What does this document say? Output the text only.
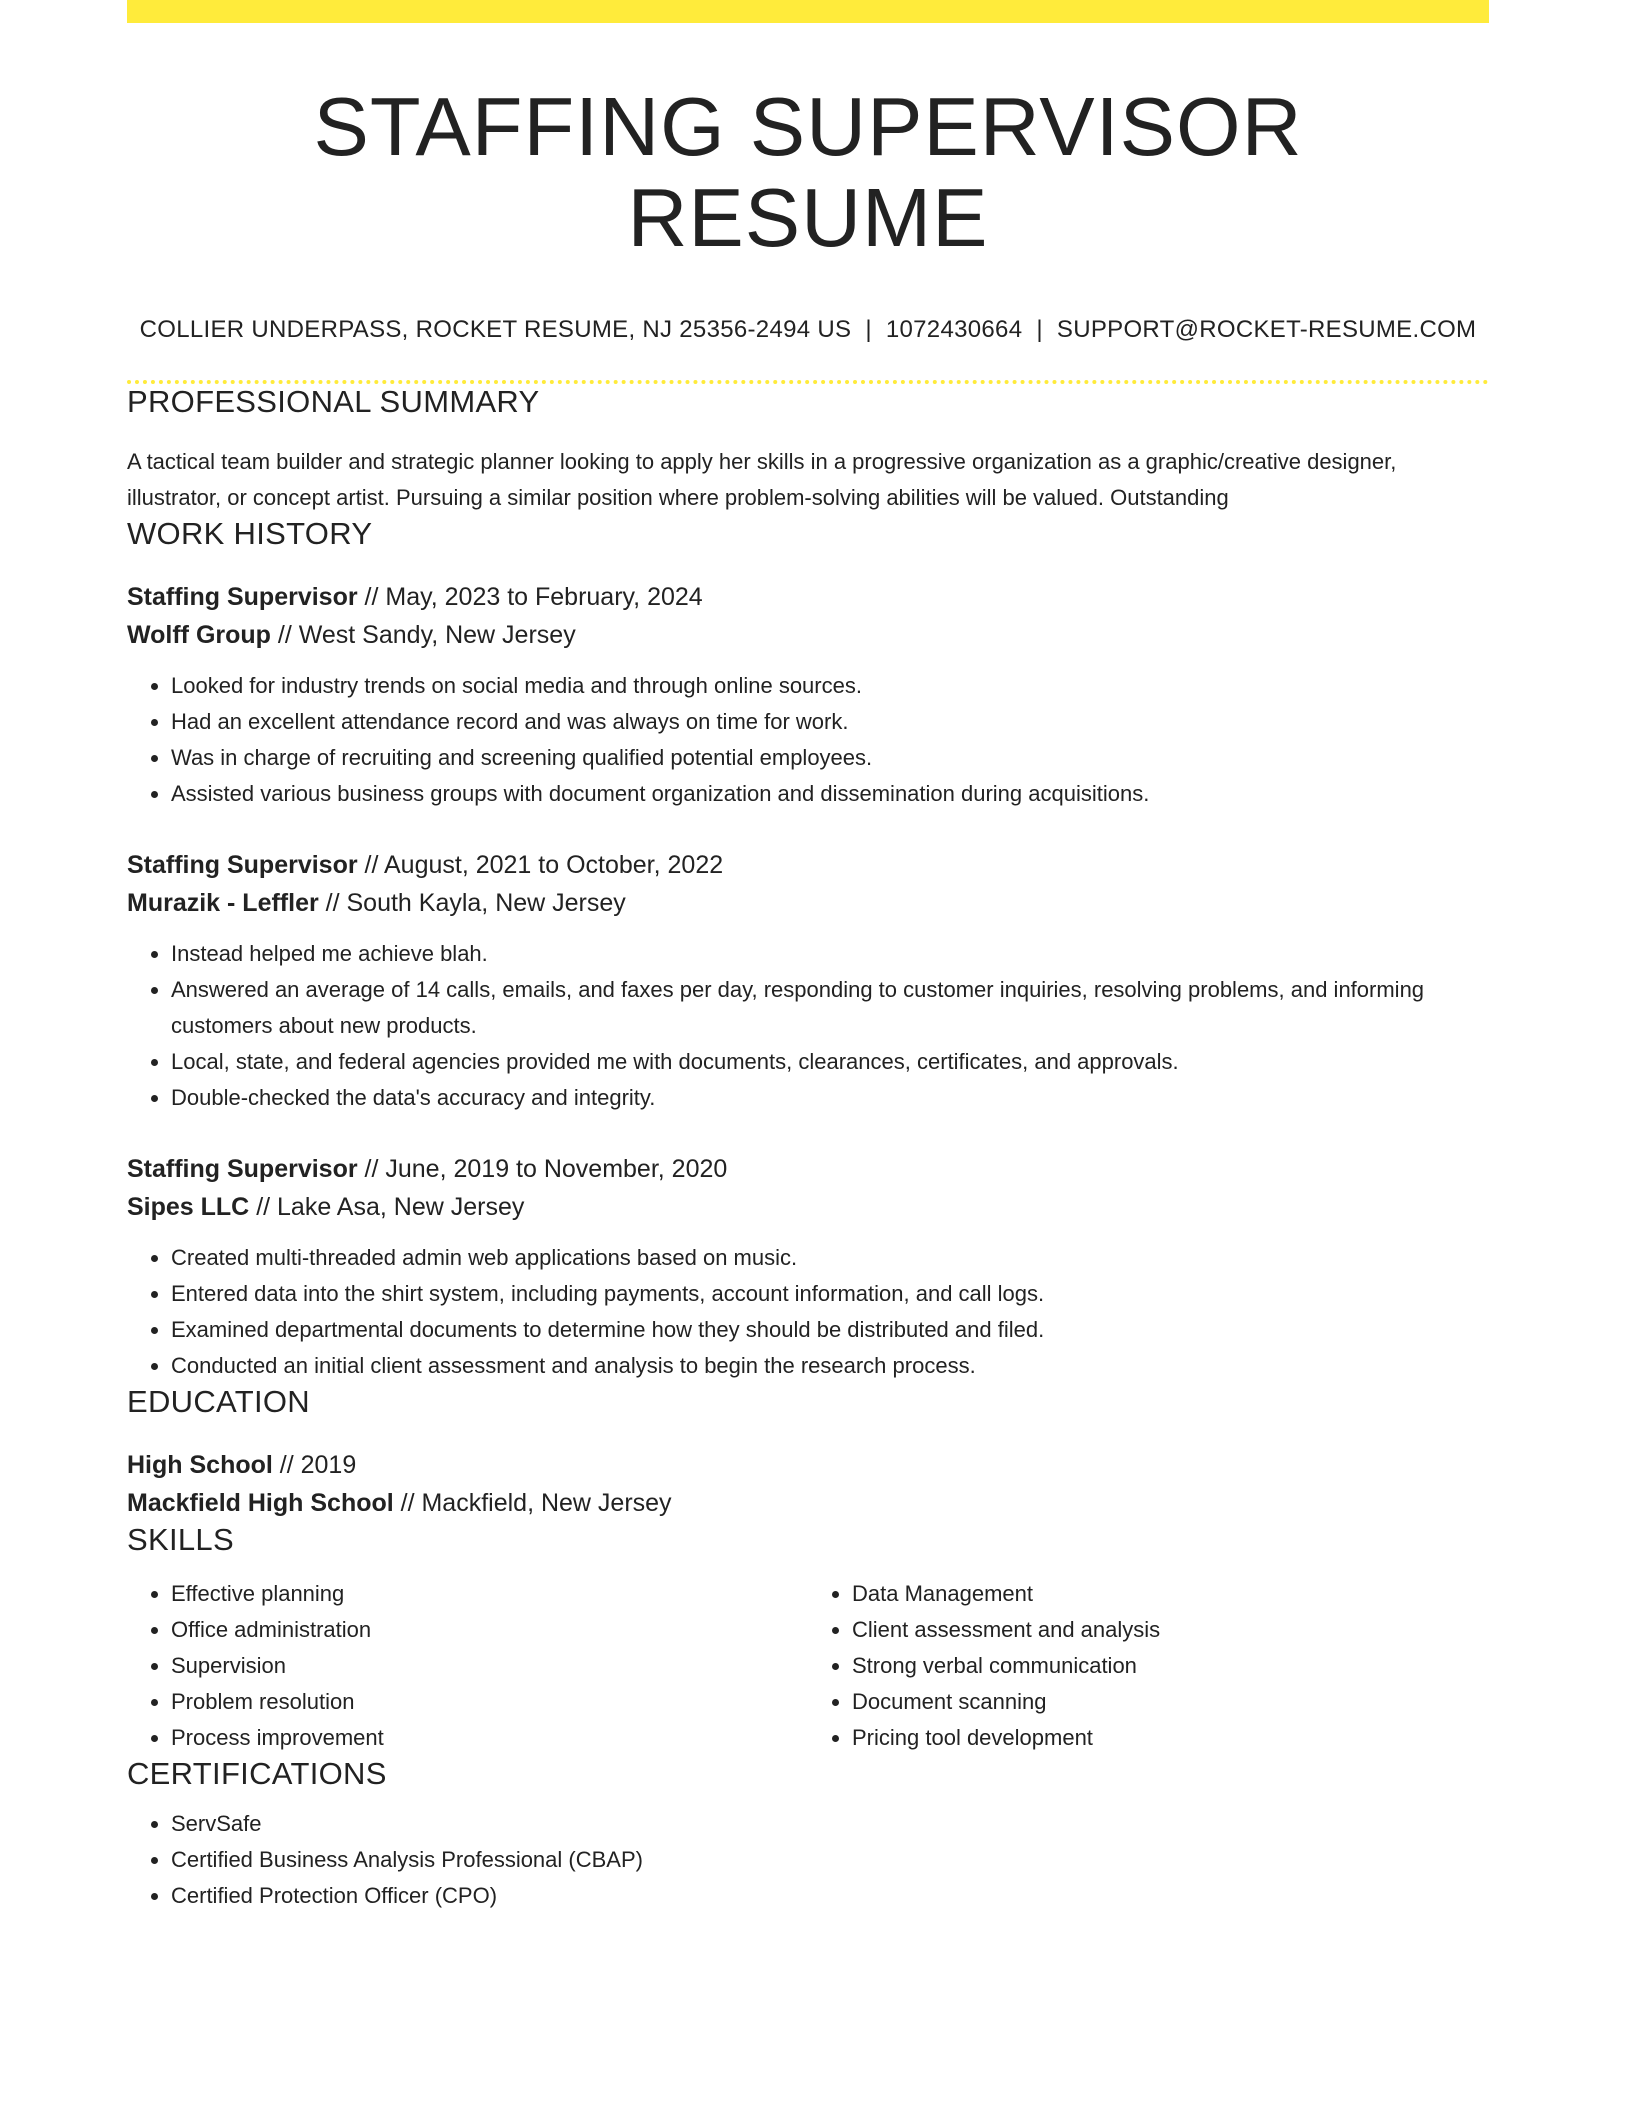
STAFFING SUPERVISOR RESUME
COLLIER UNDERPASS, ROCKET RESUME, NJ 25356-2494 US | 1072430664 | SUPPORT@ROCKET-RESUME.COM
PROFESSIONAL SUMMARY
A tactical team builder and strategic planner looking to apply her skills in a progressive organization as a graphic/creative designer, illustrator, or concept artist. Pursuing a similar position where problem-solving abilities will be valued. Outstanding
WORK HISTORY
Staffing Supervisor // May, 2023 to February, 2024
Wolff Group // West Sandy, New Jersey
• Looked for industry trends on social media and through online sources.
• Had an excellent attendance record and was always on time for work.
• Was in charge of recruiting and screening qualified potential employees.
• Assisted various business groups with document organization and dissemination during acquisitions.
Staffing Supervisor // August, 2021 to October, 2022
Murazik - Leffler // South Kayla, New Jersey
• Instead helped me achieve blah.
• Answered an average of 14 calls, emails, and faxes per day, responding to customer inquiries, resolving problems, and informing customers about new products.
• Local, state, and federal agencies provided me with documents, clearances, certificates, and approvals.
• Double-checked the data's accuracy and integrity.
Staffing Supervisor // June, 2019 to November, 2020
Sipes LLC // Lake Asa, New Jersey
• Created multi-threaded admin web applications based on music.
• Entered data into the shirt system, including payments, account information, and call logs.
• Examined departmental documents to determine how they should be distributed and filed.
• Conducted an initial client assessment and analysis to begin the research process.
EDUCATION
High School // 2019
Mackfield High School // Mackfield, New Jersey
SKILLS
• Effective planning
• Office administration
• Supervision
• Problem resolution
• Process improvement
• Data Management
• Client assessment and analysis
• Strong verbal communication
• Document scanning
• Pricing tool development
CERTIFICATIONS
• ServSafe
• Certified Business Analysis Professional (CBAP)
• Certified Protection Officer (CPO)
